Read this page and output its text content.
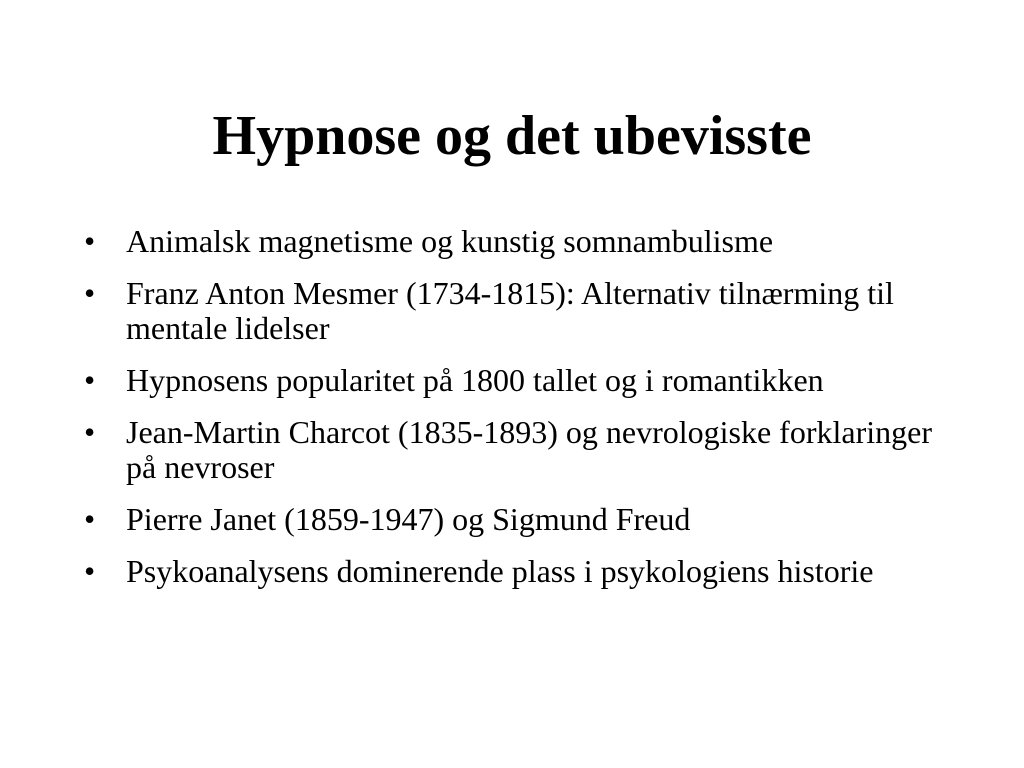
Hypnose og det ubevisste
• Animalsk magnetisme og kunstig somnambulisme
• Franz Anton Mesmer (1734-1815): Alternativ tilnærming til mentale lidelser
• Hypnosens popularitet på 1800 tallet og i romantikken
• Jean-Martin Charcot (1835-1893) og nevrologiske forklaringer på nevroser
• Pierre Janet (1859-1947) og Sigmund Freud
• Psykoanalysens dominerende plass i psykologiens historie
